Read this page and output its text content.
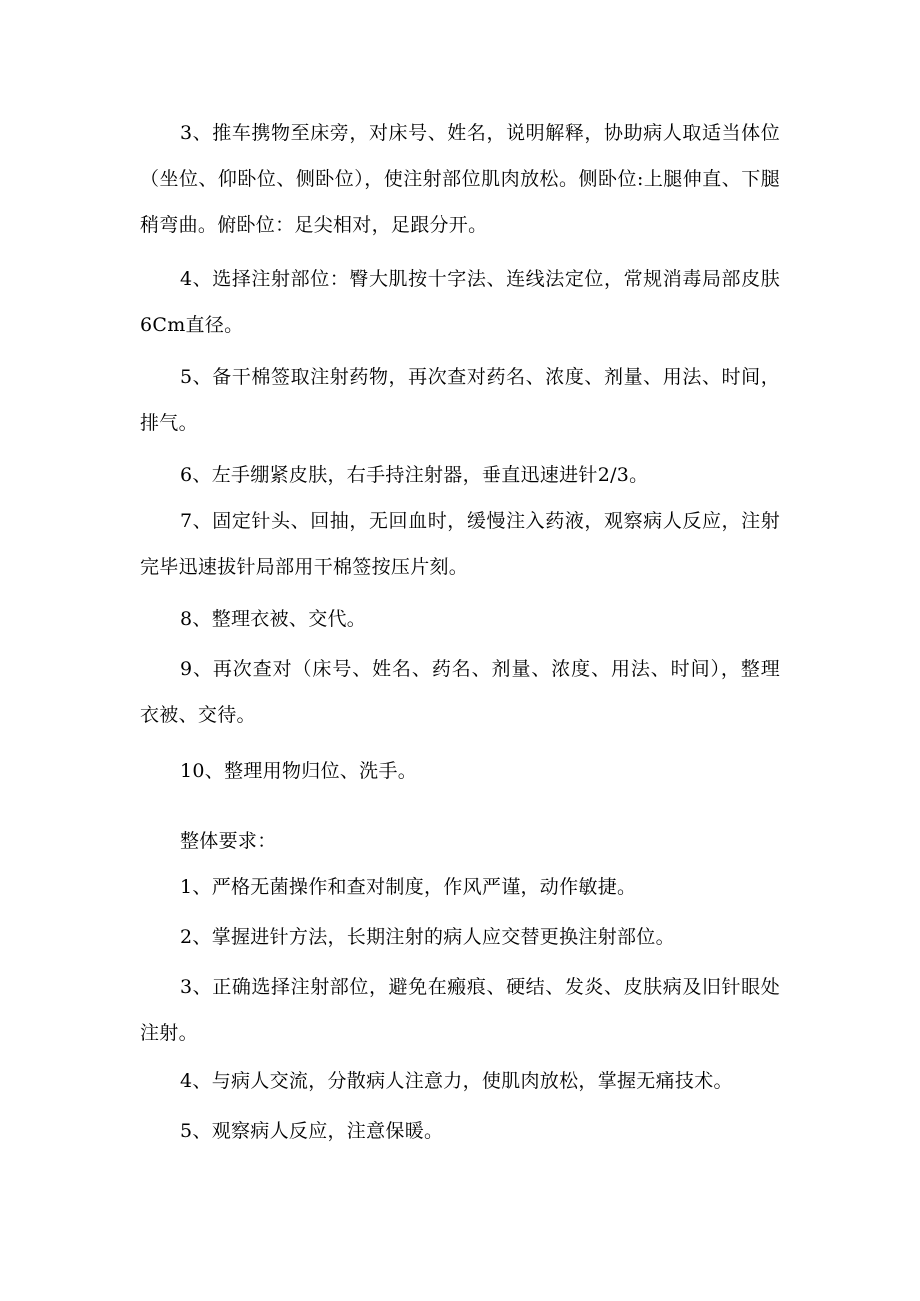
3、推车携物至床旁，对床号、姓名，说明解释，协助病人取适当体位（坐位、仰卧位、侧卧位），使注射部位肌肉放松。侧卧位:上腿伸直、下腿稍弯曲。俯卧位：足尖相对，足跟分开。

4、选择注射部位：臀大肌按十字法、连线法定位，常规消毒局部皮肤6Cm直径。

5、备干棉签取注射药物，再次查对药名、浓度、剂量、用法、时间，排气。

6、左手绷紧皮肤，右手持注射器，垂直迅速进针2/3。

7、固定针头、回抽，无回血时，缓慢注入药液，观察病人反应，注射完毕迅速拔针局部用干棉签按压片刻。

8、整理衣被、交代。

9、再次查对（床号、姓名、药名、剂量、浓度、用法、时间），整理衣被、交待。

10、整理用物归位、洗手。

整体要求：

1、严格无菌操作和查对制度，作风严谨，动作敏捷。

2、掌握进针方法，长期注射的病人应交替更换注射部位。

3、正确选择注射部位，避免在瘢痕、硬结、发炎、皮肤病及旧针眼处注射。

4、与病人交流，分散病人注意力，使肌肉放松，掌握无痛技术。

5、观察病人反应，注意保暖。
